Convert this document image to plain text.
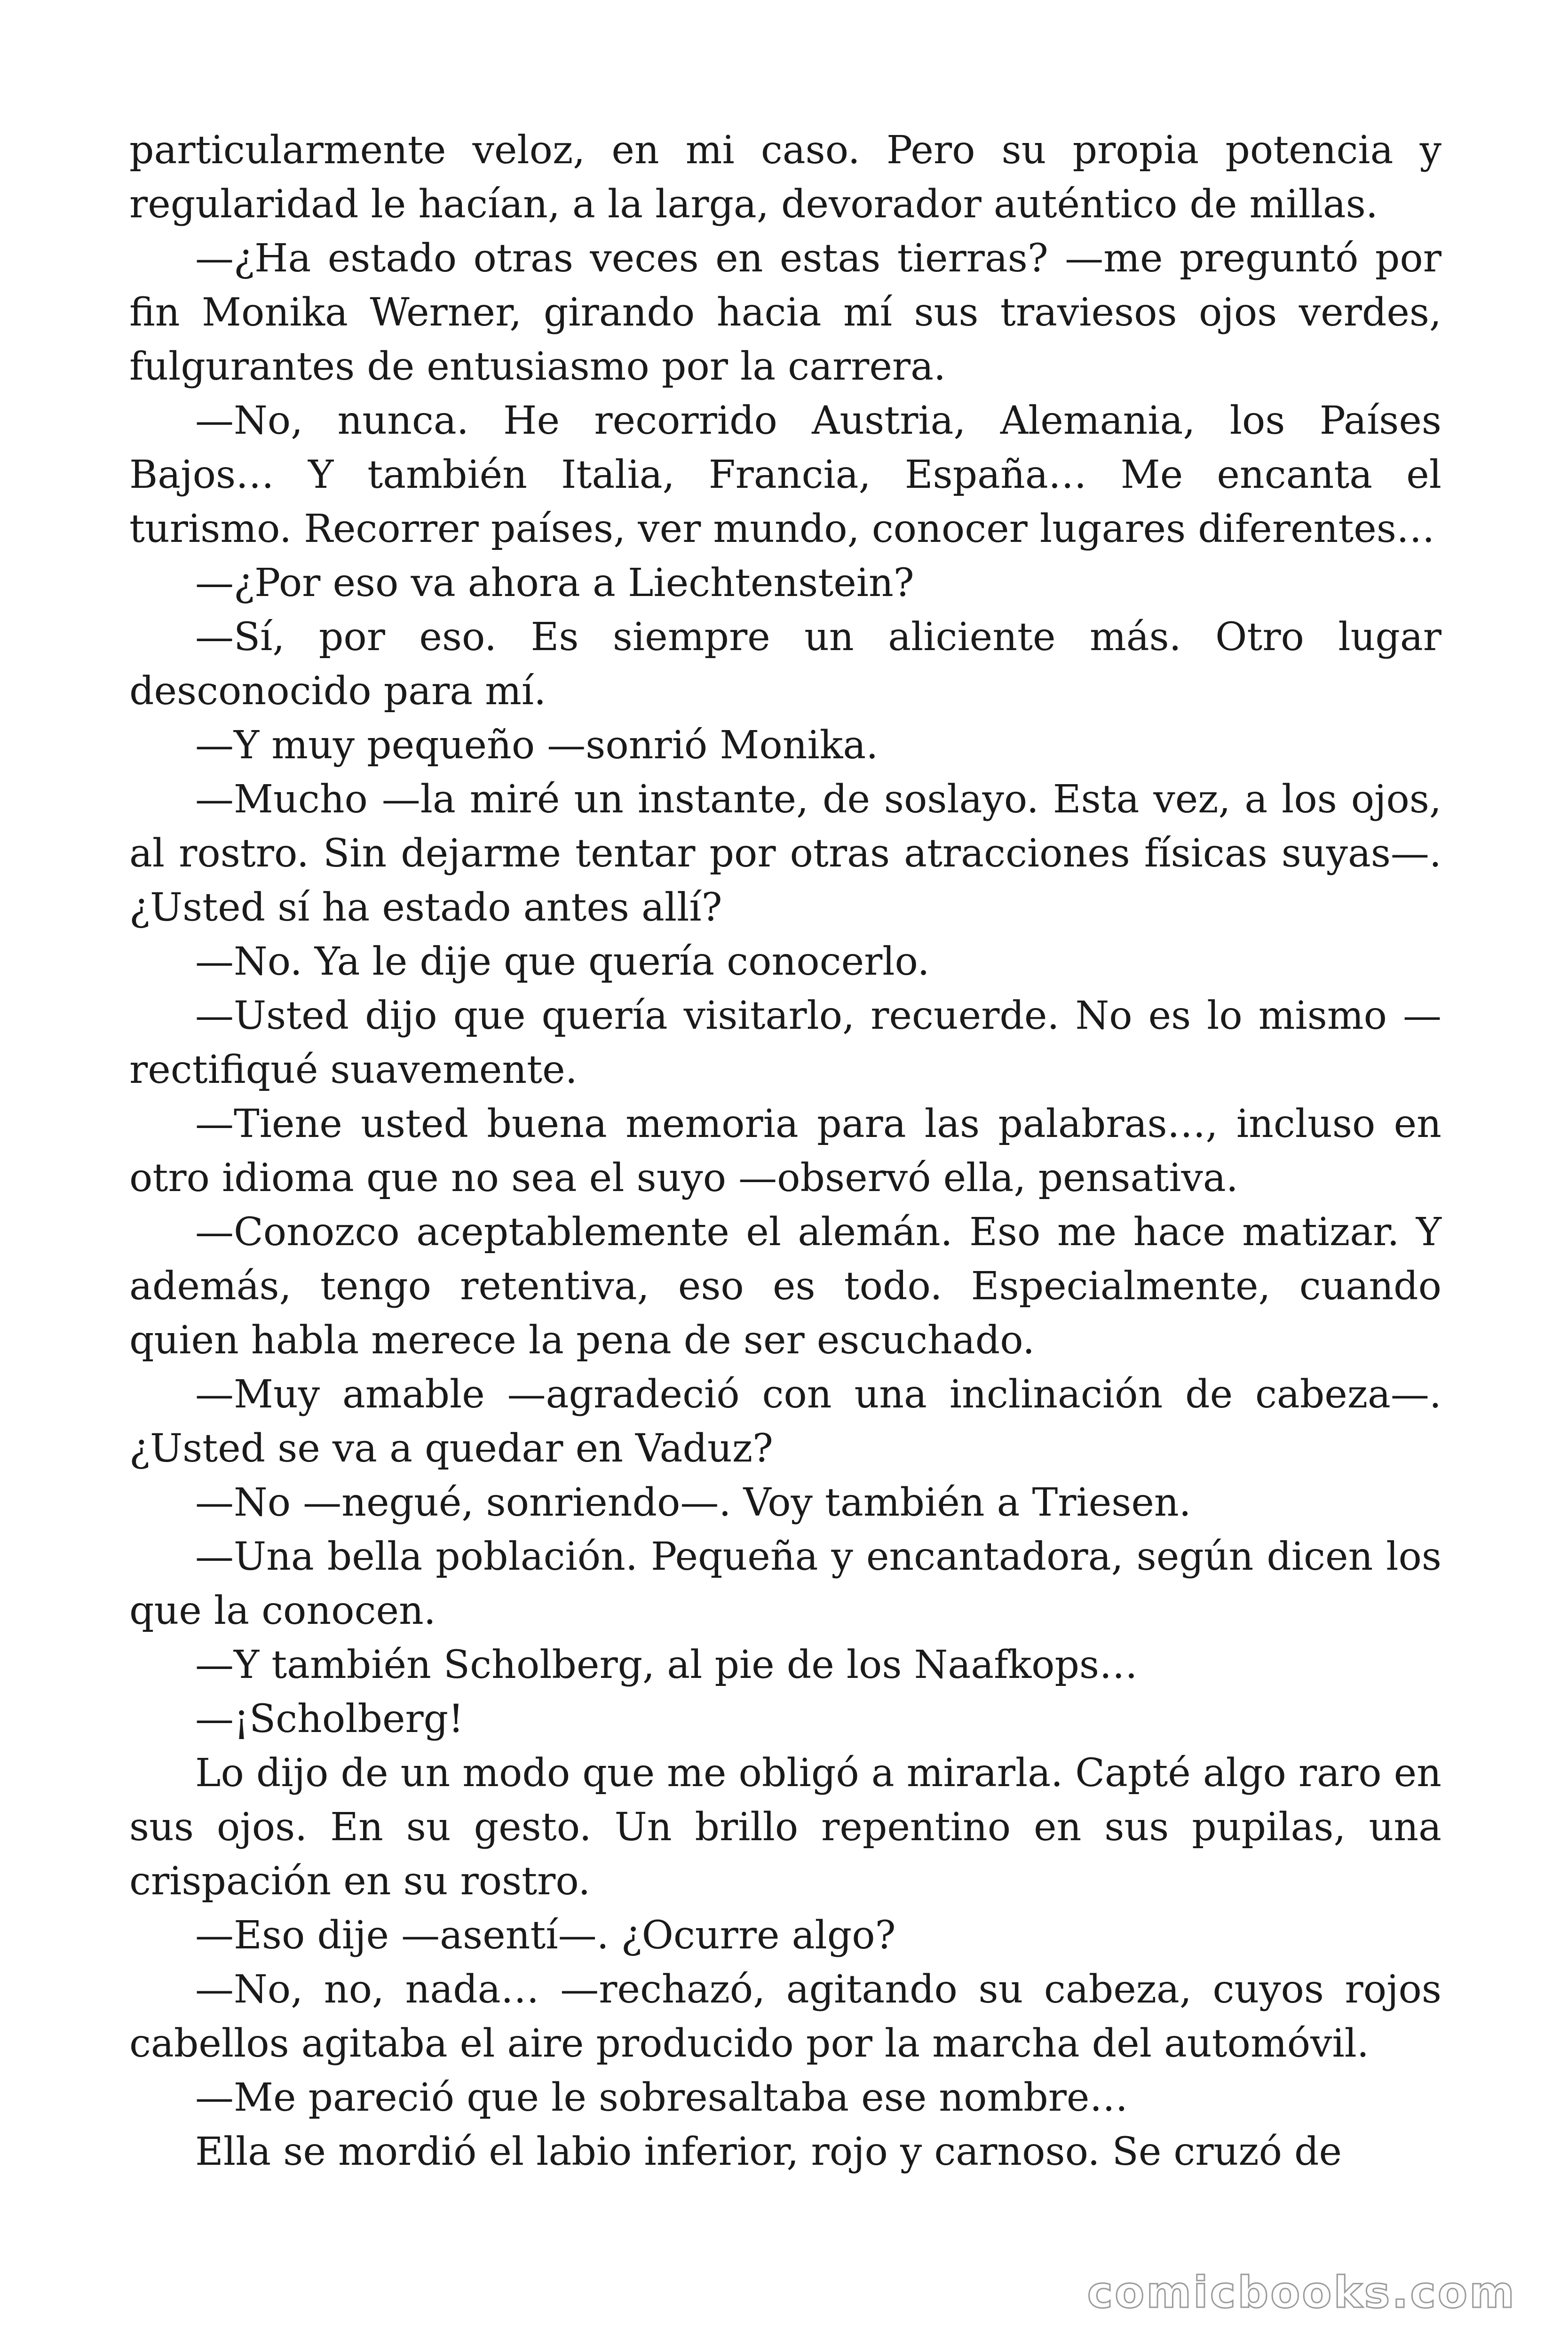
particularmente veloz, en mi caso. Pero su propia potencia y regularidad le hacían, a la larga, devorador auténtico de millas.

—¿Ha estado otras veces en estas tierras? —me preguntó por fin Monika Werner, girando hacia mí sus traviesos ojos verdes, fulgurantes de entusiasmo por la carrera.

—No, nunca. He recorrido Austria, Alemania, los Países Bajos… Y también Italia, Francia, España… Me encanta el turismo. Recorrer países, ver mundo, conocer lugares diferentes…

—¿Por eso va ahora a Liechtenstein?

—Sí, por eso. Es siempre un aliciente más. Otro lugar desconocido para mí.

—Y muy pequeño —sonrió Monika.

—Mucho —la miré un instante, de soslayo. Esta vez, a los ojos, al rostro. Sin dejarme tentar por otras atracciones físicas suyas—. ¿Usted sí ha estado antes allí?

—No. Ya le dije que quería conocerlo.

—Usted dijo que quería visitarlo, recuerde. No es lo mismo —rectifiqué suavemente.

—Tiene usted buena memoria para las palabras…, incluso en otro idioma que no sea el suyo —observó ella, pensativa.

—Conozco aceptablemente el alemán. Eso me hace matizar. Y además, tengo retentiva, eso es todo. Especialmente, cuando quien habla merece la pena de ser escuchado.

—Muy amable —agradeció con una inclinación de cabeza—. ¿Usted se va a quedar en Vaduz?

—No —negué, sonriendo—. Voy también a Triesen.

—Una bella población. Pequeña y encantadora, según dicen los que la conocen.

—Y también Scholberg, al pie de los Naafkops…

—¡Scholberg!

Lo dijo de un modo que me obligó a mirarla. Capté algo raro en sus ojos. En su gesto. Un brillo repentino en sus pupilas, una crispación en su rostro.

—Eso dije —asentí—. ¿Ocurre algo?

—No, no, nada… —rechazó, agitando su cabeza, cuyos rojos cabellos agitaba el aire producido por la marcha del automóvil.

—Me pareció que le sobresaltaba ese nombre…

Ella se mordió el labio inferior, rojo y carnoso. Se cruzó de

comicbooks.com
